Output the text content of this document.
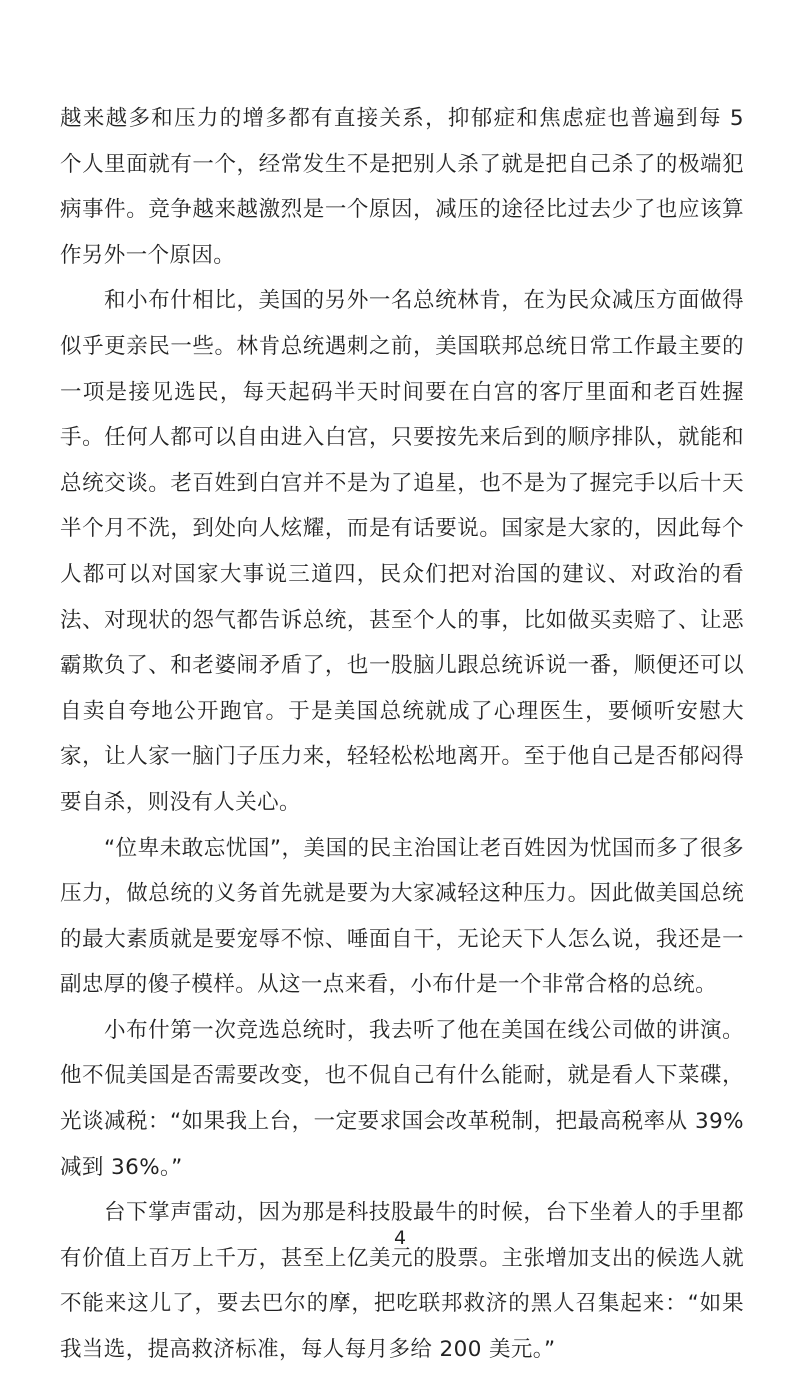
越来越多和压力的增多都有直接关系，抑郁症和焦虑症也普遍到每 5 个人里面就有一个，经常发生不是把别人杀了就是把自己杀了的极端犯病事件。竞争越来越激烈是一个原因，减压的途径比过去少了也应该算作另外一个原因。

和小布什相比，美国的另外一名总统林肯，在为民众减压方面做得似乎更亲民一些。林肯总统遇刺之前，美国联邦总统日常工作最主要的一项是接见选民，每天起码半天时间要在白宫的客厅里面和老百姓握手。任何人都可以自由进入白宫，只要按先来后到的顺序排队，就能和总统交谈。老百姓到白宫并不是为了追星，也不是为了握完手以后十天半个月不洗，到处向人炫耀，而是有话要说。国家是大家的，因此每个人都可以对国家大事说三道四，民众们把对治国的建议、对政治的看法、对现状的怨气都告诉总统，甚至个人的事，比如做买卖赔了、让恶霸欺负了、和老婆闹矛盾了，也一股脑儿跟总统诉说一番，顺便还可以自卖自夸地公开跑官。于是美国总统就成了心理医生，要倾听安慰大家，让人家一脑门子压力来，轻轻松松地离开。至于他自己是否郁闷得要自杀，则没有人关心。

“位卑未敢忘忧国”，美国的民主治国让老百姓因为忧国而多了很多压力，做总统的义务首先就是要为大家减轻这种压力。因此做美国总统的最大素质就是要宠辱不惊、唾面自干，无论天下人怎么说，我还是一副忠厚的傻子模样。从这一点来看，小布什是一个非常合格的总统。

小布什第一次竞选总统时，我去听了他在美国在线公司做的讲演。他不侃美国是否需要改变，也不侃自己有什么能耐，就是看人下菜碟，光谈减税：“如果我上台，一定要求国会改革税制，把最高税率从 39% 减到 36%。”

台下掌声雷动，因为那是科技股最牛的时候，台下坐着人的手里都有价值上百万上千万，甚至上亿美元的股票。主张增加支出的候选人就不能来这儿了，要去巴尔的摩，把吃联邦救济的黑人召集起来：“如果我当选，提高救济标准，每人每月多给 200 美元。”

4
